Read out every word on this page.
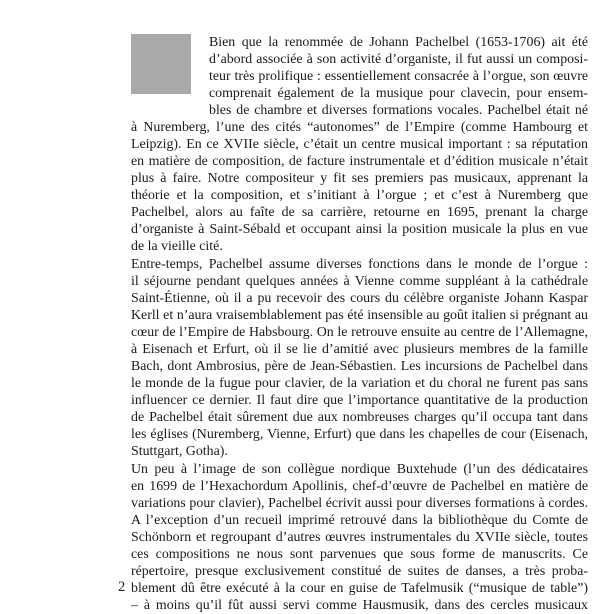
Bien que la renommée de Johann Pachelbel (1653-1706) ait été
d’abord associée à son activité d’organiste, il fut aussi un composi-
teur très prolifique : essentiellement consacrée à l’orgue, son œuvre
comprenait également de la musique pour clavecin, pour ensem-
bles de chambre et diverses formations vocales. Pachelbel était né
à Nuremberg, l’une des cités “autonomes” de l’Empire (comme Hambourg et
Leipzig). En ce XVIIe siècle, c’était un centre musical important : sa réputation
en matière de composition, de facture instrumentale et d’édition musicale n’était
plus à faire. Notre compositeur y fit ses premiers pas musicaux, apprenant la
théorie et la composition, et s’initiant à l’orgue ; et c’est à Nuremberg que
Pachelbel, alors au faîte de sa carrière, retourne en 1695, prenant la charge
d’organiste à Saint-Sébald et occupant ainsi la position musicale la plus en vue
de la vieille cité.
Entre-temps, Pachelbel assume diverses fonctions dans le monde de l’orgue :
il séjourne pendant quelques années à Vienne comme suppléant à la cathédrale
Saint-Étienne, où il a pu recevoir des cours du célèbre organiste Johann Kaspar
Kerll et n’aura vraisemblablement pas été insensible au goût italien si prégnant au
cœur de l’Empire de Habsbourg. On le retrouve ensuite au centre de l’Allemagne,
à Eisenach et Erfurt, où il se lie d’amitié avec plusieurs membres de la famille
Bach, dont Ambrosius, père de Jean-Sébastien. Les incursions de Pachelbel dans
le monde de la fugue pour clavier, de la variation et du choral ne furent pas sans
influencer ce dernier. Il faut dire que l’importance quantitative de la production
de Pachelbel était sûrement due aux nombreuses charges qu’il occupa tant dans
les églises (Nuremberg, Vienne, Erfurt) que dans les chapelles de cour (Eisenach,
Stuttgart, Gotha).
Un peu à l’image de son collègue nordique Buxtehude (l’un des dédicataires
en 1699 de l’Hexachordum Apollinis, chef-d’œuvre de Pachelbel en matière de
variations pour clavier), Pachelbel écrivit aussi pour diverses formations à cordes.
A l’exception d’un recueil imprimé retrouvé dans la bibliothèque du Comte de
Schönborn et regroupant d’autres œuvres instrumentales du XVIIe siècle, toutes
ces compositions ne nous sont parvenues que sous forme de manuscrits. Ce
répertoire, presque exclusivement constitué de suites de danses, a très proba-
blement dû être exécuté à la cour en guise de Tafelmusik (“musique de table”)
– à moins qu’il fût aussi servi comme Hausmusik, dans des cercles musicaux
2
